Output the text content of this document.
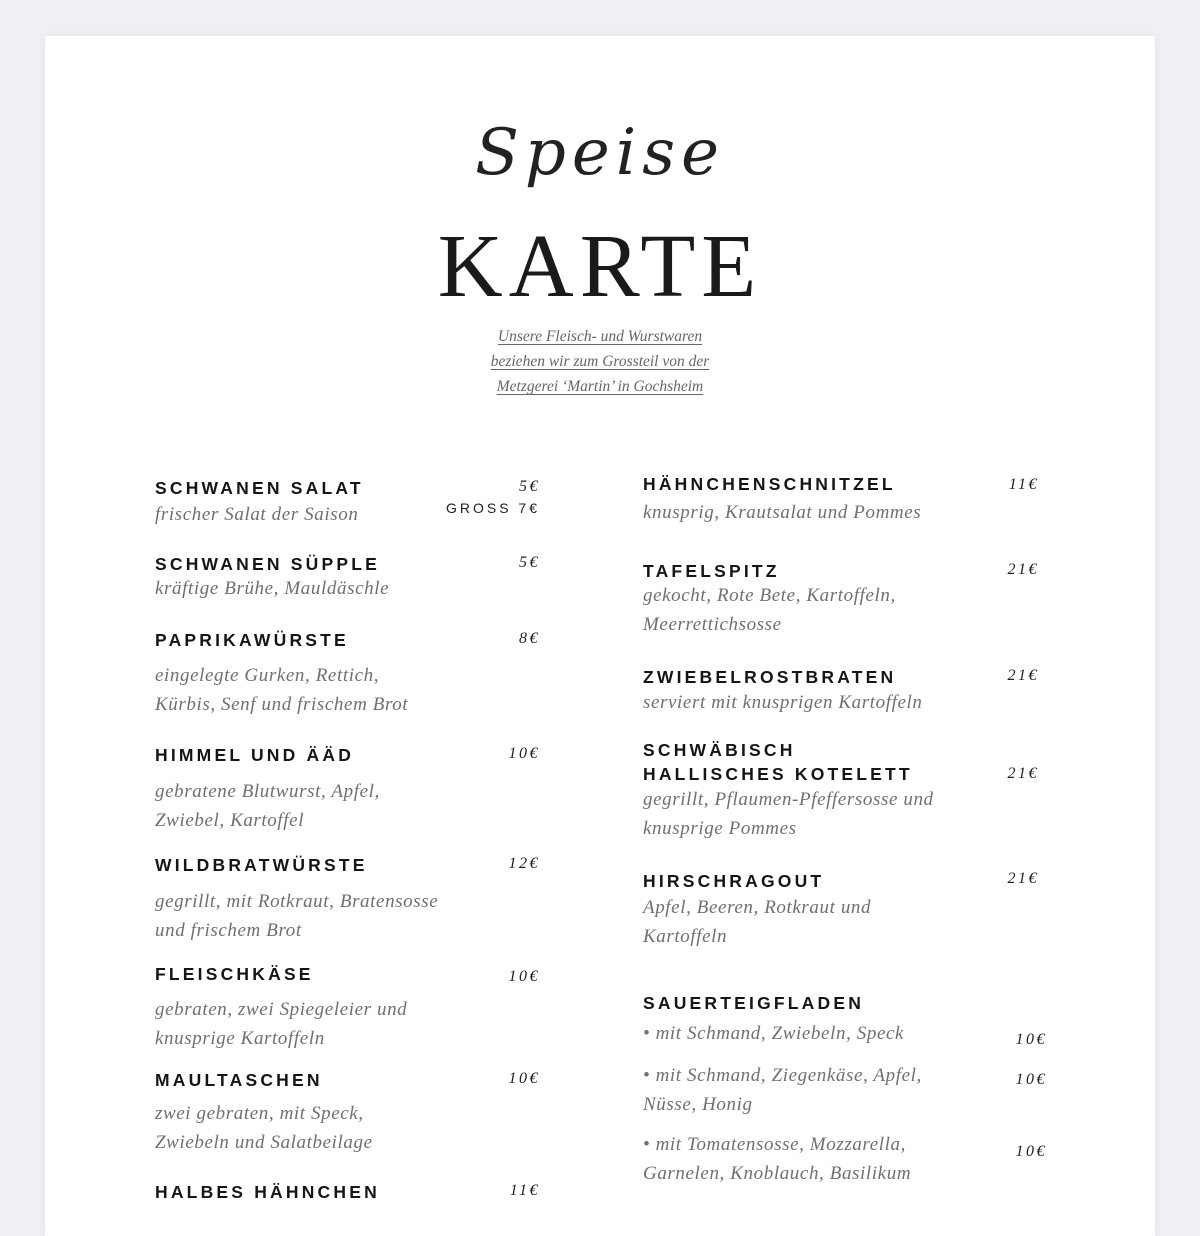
Speise
KARTE
Unsere Fleisch- und Wurstwaren
beziehen wir zum Grossteil von der
Metzgerei ‘Martin’ in Gochsheim
SCHWANEN SALAT	5€
GROSS 7€
frischer Salat der Saison
SCHWANEN SÜPPLE	5€
kräftige Brühe, Mauldäschle
PAPRIKAWÜRSTE	8€
eingelegte Gurken, Rettich,
Kürbis, Senf und frischem Brot
HIMMEL UND ÄÄD	10€
gebratene Blutwurst, Apfel,
Zwiebel, Kartoffel
WILDBRATWÜRSTE	12€
gegrillt, mit Rotkraut, Bratensosse
und frischem Brot
FLEISCHKÄSE	10€
gebraten, zwei Spiegeleier und
knusprige Kartoffeln
MAULTASCHEN	10€
zwei gebraten, mit Speck,
Zwiebeln und Salatbeilage
HALBES HÄHNCHEN	11€
HÄHNCHENSCHNITZEL	11€
knusprig, Krautsalat und Pommes
TAFELSPITZ	21€
gekocht, Rote Bete, Kartoffeln,
Meerrettichsosse
ZWIEBELROSTBRATEN	21€
serviert mit knusprigen Kartoffeln
SCHWÄBISCH
HALLISCHES KOTELETT	21€
gegrillt, Pflaumen-Pfeffersosse und
knusprige Pommes
HIRSCHRAGOUT	21€
Apfel, Beeren, Rotkraut und
Kartoffeln
SAUERTEIGFLADEN
• mit Schmand, Zwiebeln, Speck	10€
• mit Schmand, Ziegenkäse, Apfel,
Nüsse, Honig
10€
• mit Tomatensosse, Mozzarella,
Garnelen, Knoblauch, Basilikum
10€
